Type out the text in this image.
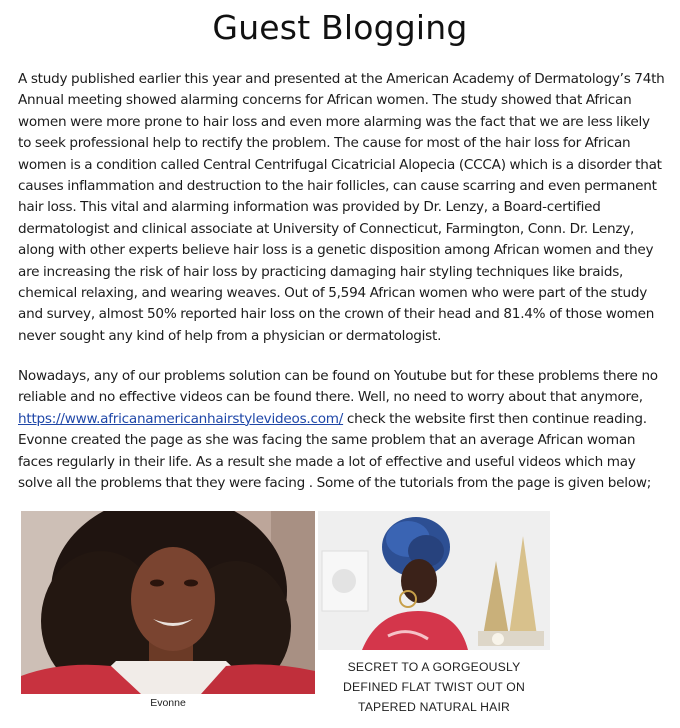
Guest Blogging
A study published earlier this year and presented at the American Academy of Dermatology’s 74th Annual meeting showed alarming concerns for African women. The study showed that African women were more prone to hair loss and even more alarming was the fact that we are less likely to seek professional help to rectify the problem. The cause for most of the hair loss for African women is a condition called Central Centrifugal Cicatricial Alopecia (CCCA) which is a disorder that causes inflammation and destruction to the hair follicles, can cause scarring and even permanent hair loss. This vital and alarming information was provided by Dr. Lenzy, a Board-certified dermatologist and clinical associate at University of Connecticut, Farmington, Conn. Dr. Lenzy, along with other experts believe hair loss is a genetic disposition among African women and they are increasing the risk of hair loss by practicing damaging hair styling techniques like braids, chemical relaxing, and wearing weaves. Out of 5,594 African women who were part of the study and survey, almost 50% reported hair loss on the crown of their head and 81.4% of those women never sought any kind of help from a physician or dermatologist.
Nowadays, any of our problems solution can be found on Youtube but for these problems there no reliable and no effective videos can be found there. Well, no need to worry about that anymore, https://www.africanamericanhairstylevideos.com/ check the website first then continue reading. Evonne created the page as she was facing the same problem that an average African woman faces regularly in their life. As a result she made a lot of effective and useful videos which may solve all the problems that they were facing . Some of the tutorials from the page is given below;
Evonne
SECRET TO A GORGEOUSLY
DEFINED FLAT TWIST OUT ON
TAPERED NATURAL HAIR
